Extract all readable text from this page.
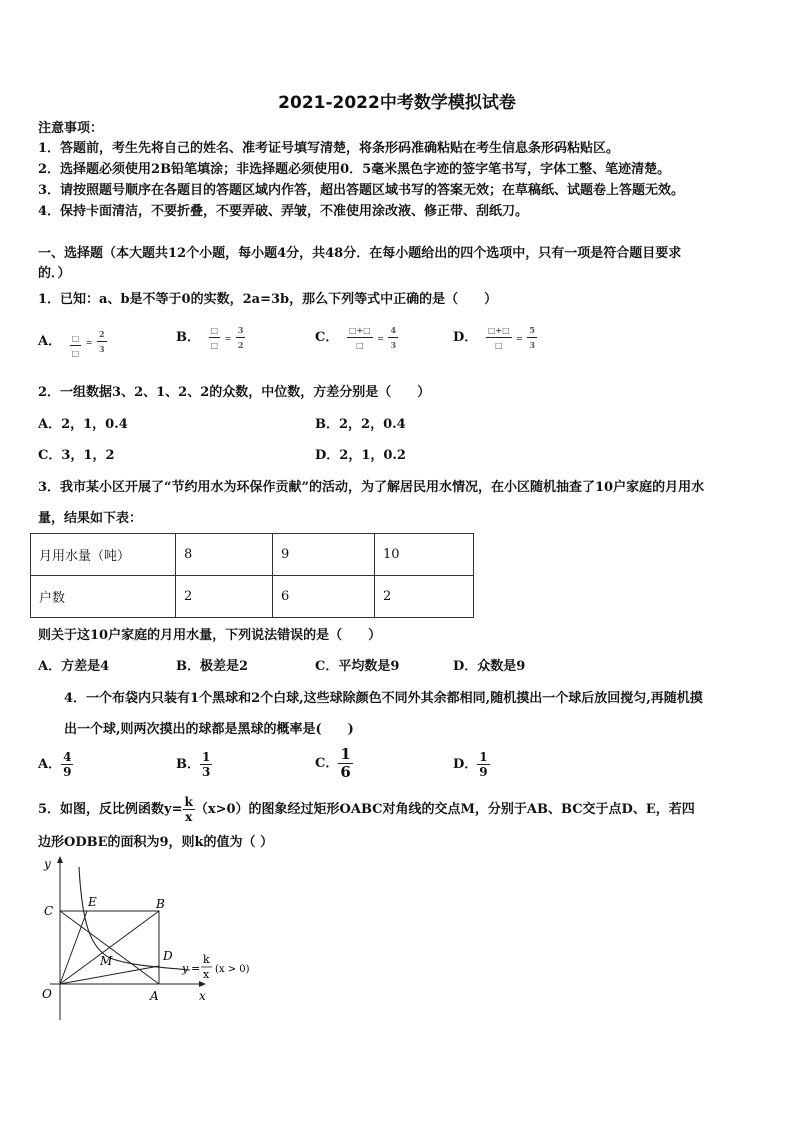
2021-2022中考数学模拟试卷
注意事项：
1．答题前，考生先将自己的姓名、准考证号填写清楚，将条形码准确粘贴在考生信息条形码粘贴区。
2．选择题必须使用2B铅笔填涂；非选择题必须使用0．5毫米黑色字迹的签字笔书写，字体工整、笔迹清楚。
3．请按照题号顺序在各题目的答题区域内作答，超出答题区域书写的答案无效；在草稿纸、试题卷上答题无效。
4．保持卡面清洁，不要折叠，不要弄破、弄皱，不准使用涂改液、修正带、刮纸刀。
一、选择题（本大题共12个小题，每小题4分，共48分．在每小题给出的四个选项中，只有一项是符合题目要求
的．）
1．已知：a、b是不等于0的实数，2a=3b，那么下列等式中正确的是（　　）
A． $\frac{□}{□} = \frac{2}{3}$	B． $\frac{□}{□} = \frac{3}{2}$	C． $\frac{□+□}{□} = \frac{4}{3}$	D． $\frac{□+□}{□} = \frac{5}{3}$
2．一组数据3、2、1、2、2的众数，中位数，方差分别是（　　）
A．2，1，0.4	B．2，2，0.4
C．3，1，2	D．2，1，0.2
3．我市某小区开展了“节约用水为环保作贡献”的活动，为了解居民用水情况，在小区随机抽查了10户家庭的月用水
量，结果如下表：
月用水量（吨）	8	9	10
户数	2	6	2
则关于这10户家庭的月用水量，下列说法错误的是（　　）
A．方差是4	B．极差是2	C．平均数是9	D．众数是9
4．一个布袋内只装有1个黑球和2个白球,这些球除颜色不同外其余都相同,随机摸出一个球后放回搅匀,再随机摸
出一个球,则两次摸出的球都是黑球的概率是(　　)
A． $\frac{4}{9}$	B． $\frac{1}{3}$	C． $\frac{1}{6}$	D． $\frac{1}{9}$
5．如图，反比例函数$y= \frac{k}{x} (x>0)$的图象经过矩形OABC对角线的交点M，分别于AB、BC交于点D、E，若四
边形ODBE的面积为9，则k的值为（ ）
y
x
O	A
B
C
D
E
M
y =
k
x (x > 0)
